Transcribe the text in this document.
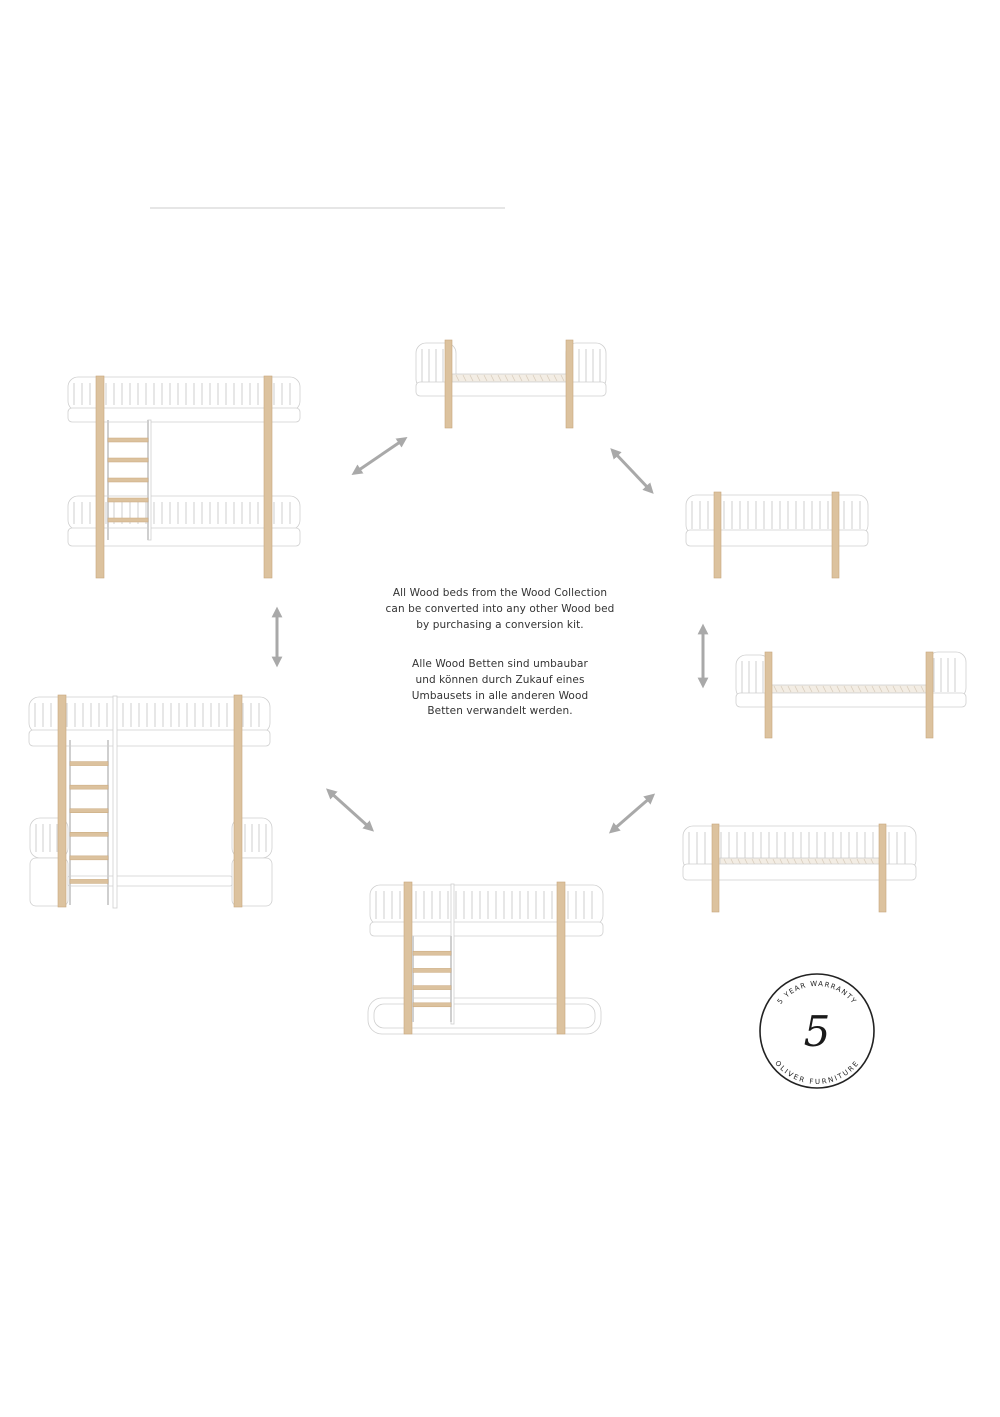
5 YEAR WARRANTY
OLIVER FURNITURE
5
All Wood beds from the Wood Collection
can be converted into any other Wood bed
by purchasing a conversion kit.
Alle Wood Betten sind umbaubar
und können durch Zukauf eines
Umbausets in alle anderen Wood
Betten verwandelt werden.
